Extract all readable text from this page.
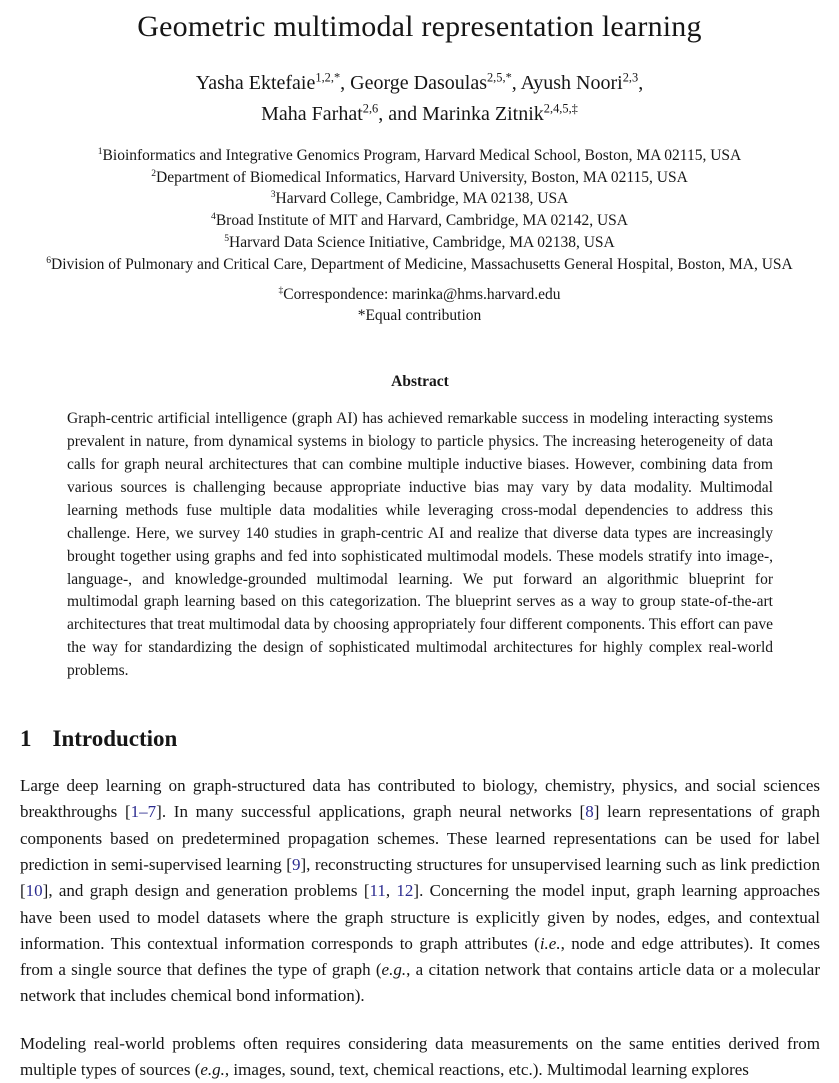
Geometric multimodal representation learning
Yasha Ektefaie$^{1,2,*}$, George Dasoulas$^{2,5,*}$, Ayush Noori$^{2,3}$,
Maha Farhat$^{2,6}$, and Marinka Zitnik$^{2,4,5,\ddagger}$
$^1$Bioinformatics and Integrative Genomics Program, Harvard Medical School, Boston, MA 02115, USA
$^2$Department of Biomedical Informatics, Harvard University, Boston, MA 02115, USA
$^3$Harvard College, Cambridge, MA 02138, USA
$^4$Broad Institute of MIT and Harvard, Cambridge, MA 02142, USA
$^5$Harvard Data Science Initiative, Cambridge, MA 02138, USA
$^6$Division of Pulmonary and Critical Care, Department of Medicine, Massachusetts General Hospital, Boston, MA, USA
‡Correspondence: marinka@hms.harvard.edu
*Equal contribution
Abstract
Graph-centric artificial intelligence (graph AI) has achieved remarkable success in modeling interacting systems prevalent in nature, from dynamical systems in biology to particle physics. The increasing heterogeneity of data calls for graph neural architectures that can combine multiple inductive biases. However, combining data from various sources is challenging because appropriate inductive bias may vary by data modality. Multimodal learning methods fuse multiple data modalities while leveraging cross-modal dependencies to address this challenge. Here, we survey 140 studies in graph-centric AI and realize that diverse data types are increasingly brought together using graphs and fed into sophisticated multimodal models. These models stratify into image-, language-, and knowledge-grounded multimodal learning. We put forward an algorithmic blueprint for multimodal graph learning based on this categorization. The blueprint serves as a way to group state-of-the-art architectures that treat multimodal data by choosing appropriately four different components. This effort can pave the way for standardizing the design of sophisticated multimodal architectures for highly complex real-world problems.
1 Introduction

Large deep learning on graph-structured data has contributed to biology, chemistry, physics, and social sciences breakthroughs [1–7]. In many successful applications, graph neural networks [8] learn representations of graph components based on predetermined propagation schemes. These learned representations can be used for label prediction in semi-supervised learning [9], reconstructing structures for unsupervised learning such as link prediction [10], and graph design and generation problems [11, 12]. Concerning the model input, graph learning approaches have been used to model datasets where the graph structure is explicitly given by nodes, edges, and contextual information. This contextual information corresponds to graph attributes (i.e., node and edge attributes). It comes from a single source that defines the type of graph (e.g., a citation network that contains article data or a molecular network that includes chemical bond information).

Modeling real-world problems often requires considering data measurements on the same entities derived from multiple types of sources (e.g., images, sound, text, chemical reactions, etc.). Multimodal learning explores
